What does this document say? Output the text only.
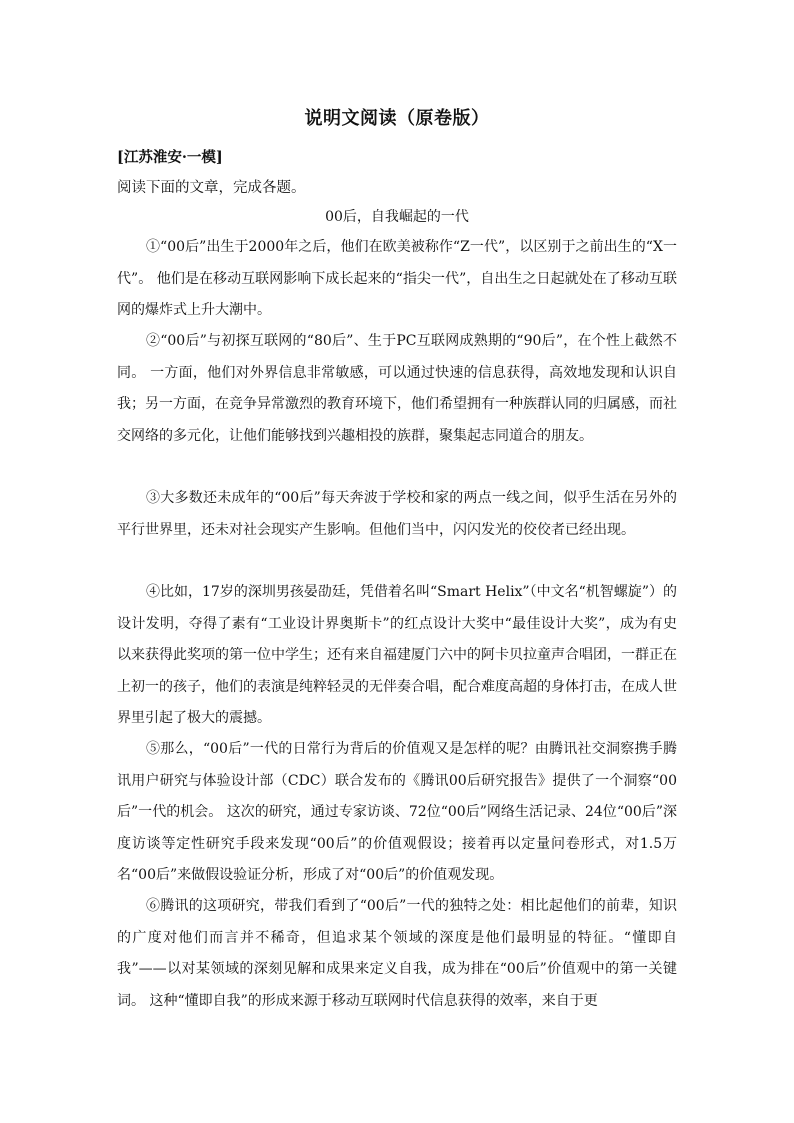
说明文阅读（原卷版）
[江苏淮安·一模]
阅读下面的文章，完成各题。
00后，自我崛起的一代

①“00后”出生于2000年之后，他们在欧美被称作“Z一代”，以区别于之前出生的“X一代”。 他们是在移动互联网影响下成长起来的“指尖一代”，自出生之日起就处在了移动互联网的爆炸式上升大潮中。

②“00后”与初探互联网的“80后”、生于PC互联网成熟期的“90后”，在个性上截然不同。 一方面，他们对外界信息非常敏感，可以通过快速的信息获得，高效地发现和认识自我；另一方面，在竞争异常激烈的教育环境下，他们希望拥有一种族群认同的归属感，而社交网络的多元化，让他们能够找到兴趣相投的族群，聚集起志同道合的朋友。

③大多数还未成年的“00后”每天奔波于学校和家的两点一线之间，似乎生活在另外的平行世界里，还未对社会现实产生影响。但他们当中，闪闪发光的佼佼者已经出现。

④比如，17岁的深圳男孩晏劭廷，凭借着名叫“Smart Helix”（中文名“机智螺旋”）的设计发明，夺得了素有“工业设计界奥斯卡”的红点设计大奖中“最佳设计大奖”，成为有史以来获得此奖项的第一位中学生；还有来自福建厦门六中的阿卡贝拉童声合唱团，一群正在上初一的孩子，他们的表演是纯粹轻灵的无伴奏合唱，配合难度高超的身体打击，在成人世界里引起了极大的震撼。

⑤那么，“00后”一代的日常行为背后的价值观又是怎样的呢？由腾讯社交洞察携手腾讯用户研究与体验设计部（CDC）联合发布的《腾讯00后研究报告》提供了一个洞察“00后”一代的机会。 这次的研究，通过专家访谈、72位“00后”网络生活记录、24位“00后”深度访谈等定性研究手段来发现“00后”的价值观假设；接着再以定量问卷形式，对1.5万名“00后”来做假设验证分析，形成了对“00后”的价值观发现。

⑥腾讯的这项研究，带我们看到了“00后”一代的独特之处：相比起他们的前辈，知识的广度对他们而言并不稀奇，但追求某个领域的深度是他们最明显的特征。“懂即自我”——以对某领域的深刻见解和成果来定义自我，成为排在“00后”价值观中的第一关键词。 这种“懂即自我”的形成来源于移动互联网时代信息获得的效率，来自于更
